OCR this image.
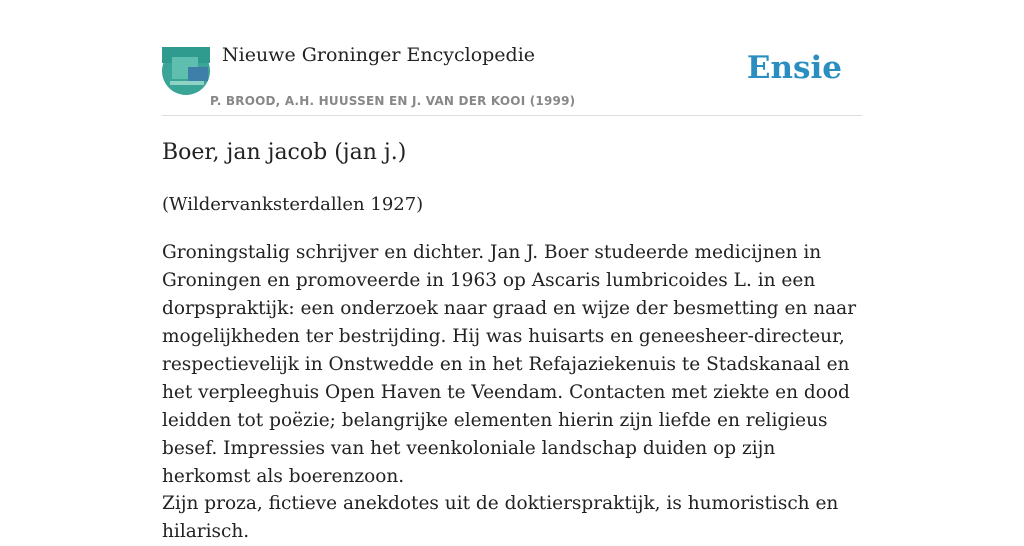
Nieuwe Groninger Encyclopedie
P. BROOD, A.H. HUUSSEN EN J. VAN DER KOOI (1999)
Ensie
Boer, jan jacob (jan j.)
(Wildervanksterdallen 1927)

Groningstalig schrijver en dichter. Jan J. Boer studeerde medicijnen in Groningen en promoveerde in 1963 op Ascaris lumbricoides L. in een dorpspraktijk: een onderzoek naar graad en wijze der besmetting en naar mogelijkheden ter bestrijding. Hij was huisarts en geneesheer-directeur, respectievelijk in Onstwedde en in het Refajaziekenuis te Stadskanaal en het verpleeghuis Open Haven te Veendam. Contacten met ziekte en dood leidden tot poëzie; belangrijke elementen hierin zijn liefde en religieus besef. Impressies van het veenkoloniale landschap duiden op zijn herkomst als boerenzoon.

Zijn proza, fictieve anekdotes uit de doktierspraktijk, is humoristisch en hilarisch.
